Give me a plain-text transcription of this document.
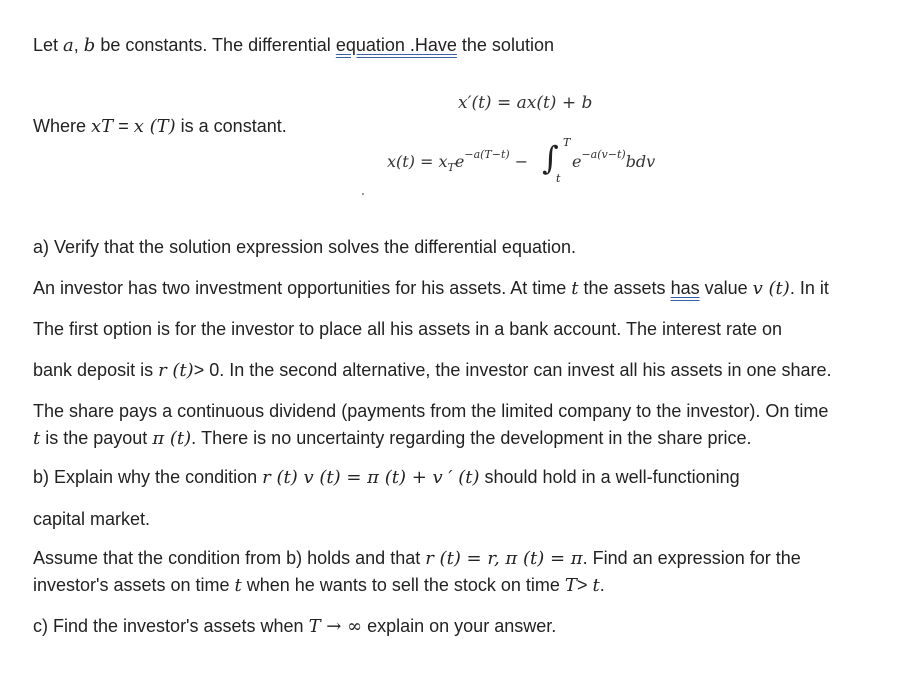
Let a, b be constants. The differential equation .Have the solution
x′(t) = ax(t) + b
Where xT = x (T) is a constant.
$x(t) = x_Te^{-a(T-t)}$ − ∫ T
t
$e^{-a(v-t)}bdv$
a) Verify that the solution expression solves the differential equation.
An investor has two investment opportunities for his assets. At time t the assets has value v (t). In it
The first option is for the investor to place all his assets in a bank account. The interest rate on
bank deposit is r (t)> 0. In the second alternative, the investor can invest all his assets in one share.
The share pays a continuous dividend (payments from the limited company to the investor). On time
t is the payout π (t). There is no uncertainty regarding the development in the share price.
b) Explain why the condition r (t) v (t) = π (t) + v ′ (t) should hold in a well-functioning
capital market.
Assume that the condition from b) holds and that r (t) = r, π (t) = π. Find an expression for the
investor's assets on time t when he wants to sell the stock on time T> t.
c) Find the investor's assets when T → ∞ explain on your answer.
